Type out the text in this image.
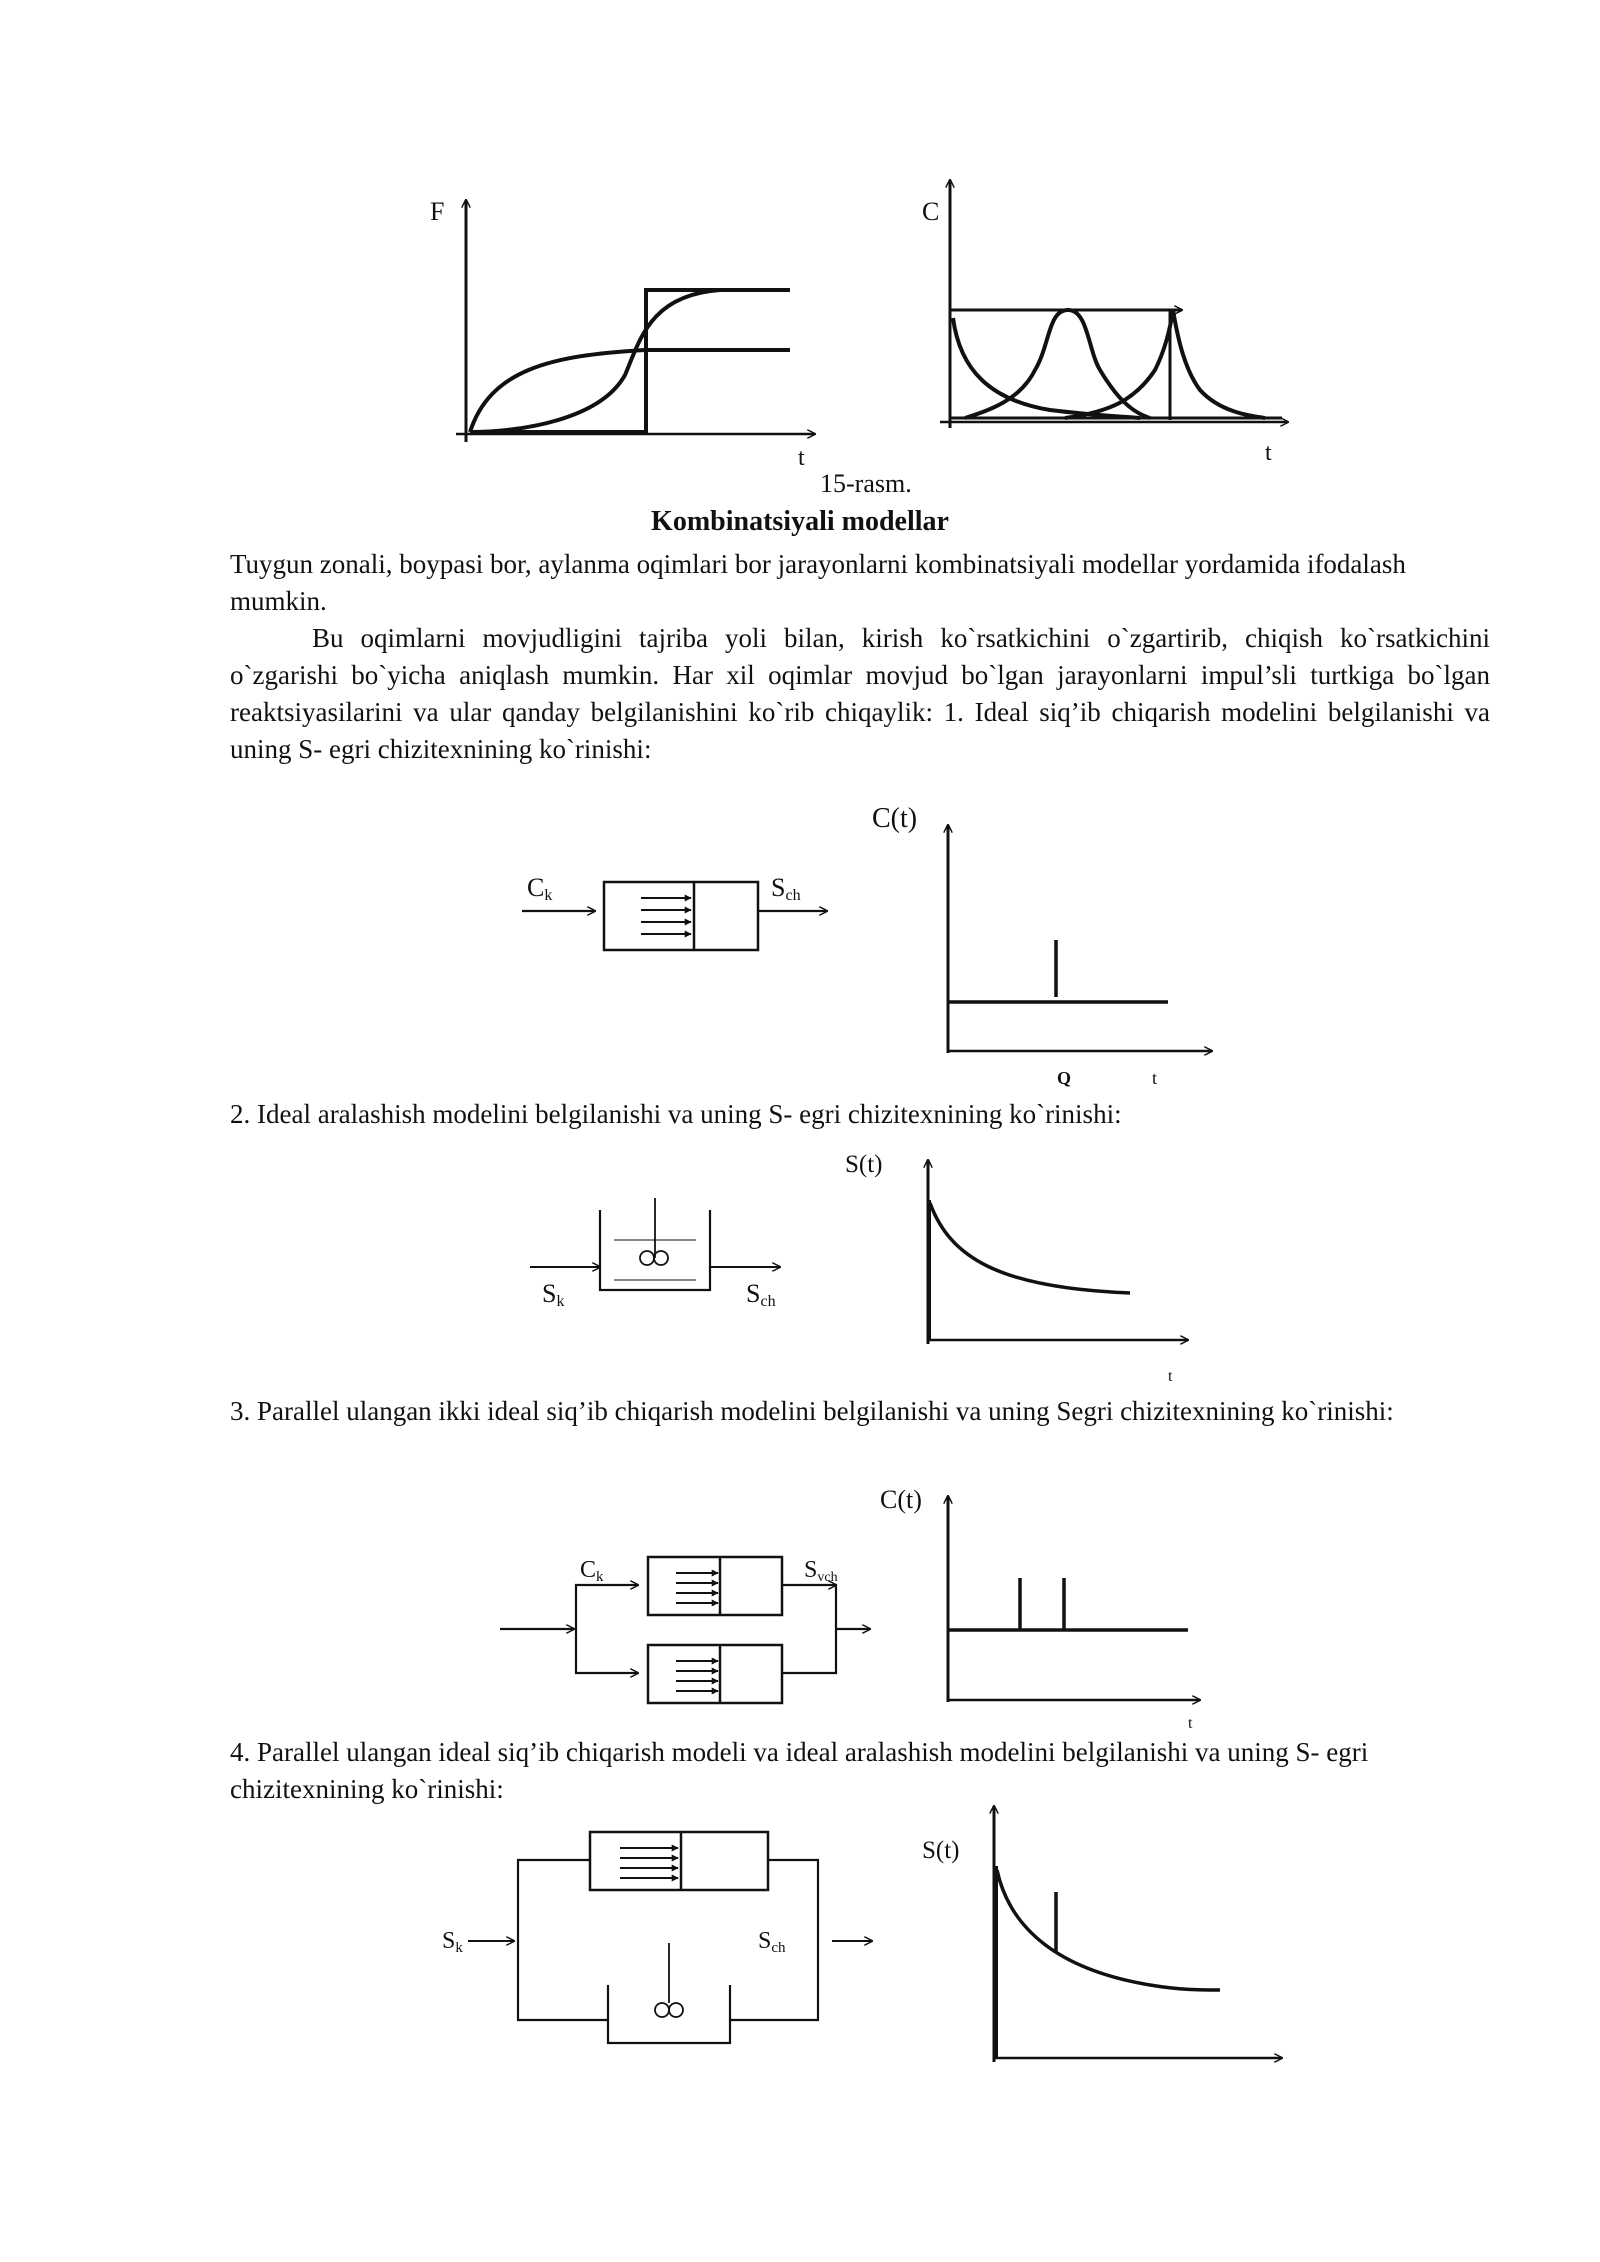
F
t
C
t
15-rasm.
Kombinatsiyali modellar

Tuygun zonali, boypasi bor, aylanma oqimlari bor jarayonlarni kombinatsiyali modellar yordamida ifodalash mumkin.

Bu oqimlarni movjudligini tajriba yoli bilan, kirish ko`rsatkichini o`zgartirib, chiqish ko`rsatkichini o`zgarishi bo`yicha aniqlash mumkin. Har xil oqimlar movjud bo`lgan jarayonlarni impul’sli turtkiga bo`lgan reaktsiyasilarini va ular qanday belgilanishini ko`rib chiqaylik: 1. Ideal siq’ib chiqarish modelini belgilanishi va uning S- egri chizitexnining ko`rinishi:

Ck	Sch
C(t)
Q	t

2. Ideal aralashish modelini belgilanishi va uning S- egri chizitexnining ko`rinishi:

Sk	Sch
S(t)
t

3. Parallel ulangan ikki ideal siq’ib chiqarish modelini belgilanishi va uning Segri chizitexnining ko`rinishi:

Ck	Svch
C(t)
t

4. Parallel ulangan ideal siq’ib chiqarish modeli va ideal aralashish modelini belgilanishi va uning S- egri chizitexnining ko`rinishi:

Sk	Sch
S(t)
